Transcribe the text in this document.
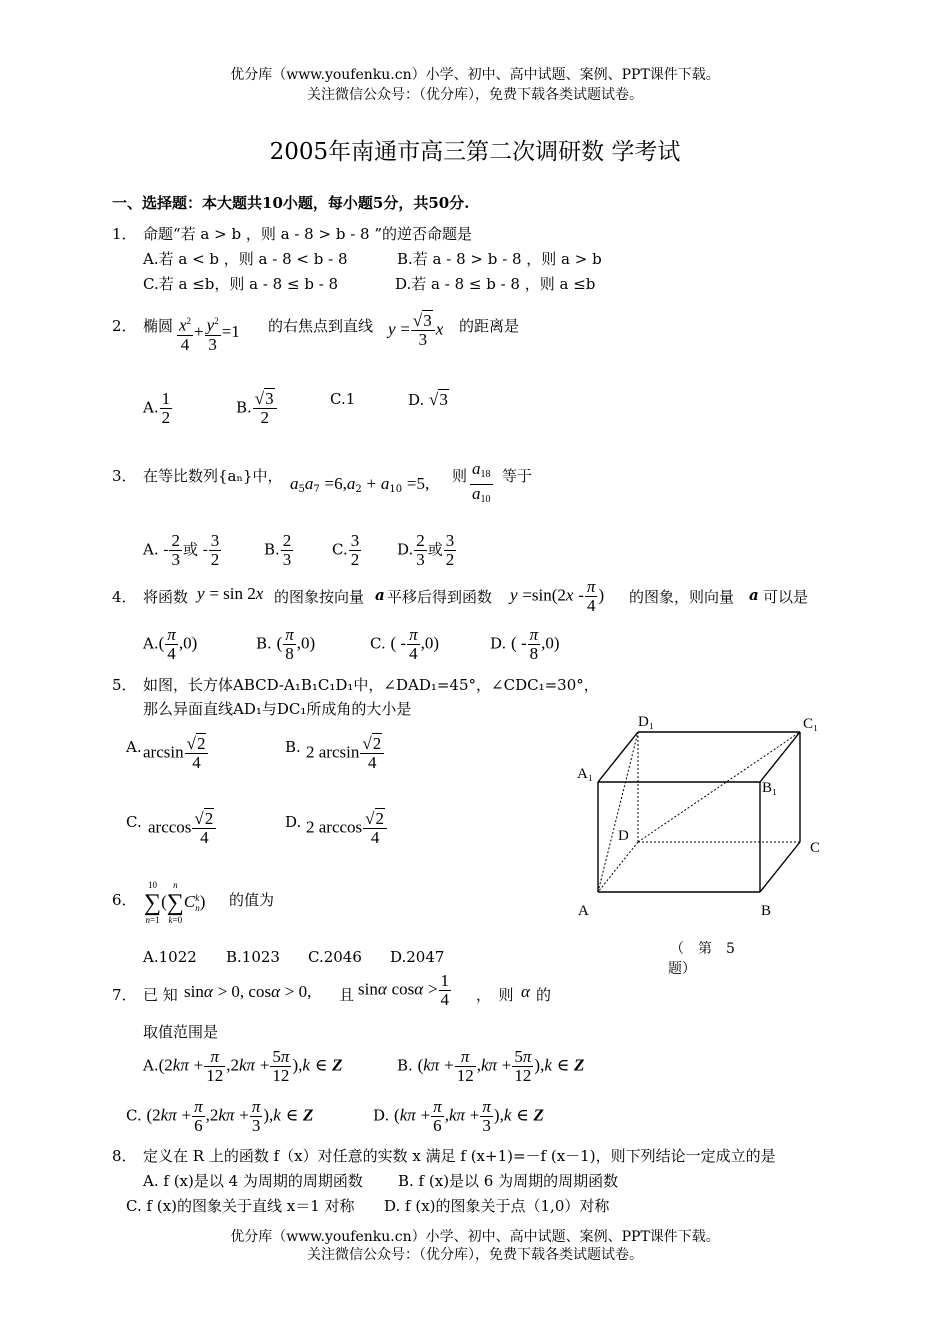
优分库（www.youfenku.cn）小学、初中、高中试题、案例、PPT课件下载。
关注微信公众号：（优分库），免费下载各类试题试卷。
2005年南通市高三第二次调研数 学考试
一、选择题：本大题共10小题，每小题5分，共50分.
1． 命题“若 a > b ，则 a - 8 > b - 8 ”的逆否命题是
A.若 a < b ，则 a - 8 < b - 8	B.若 a - 8 > b - 8 ，则 a > b
C.若 a ≤b，则 a - 8 ≤ b - 8	D.若 a - 8 ≤ b - 8 ，则 a ≤b
2． 椭圆 $\frac{x^2}{4} + \frac{y^2}{3} =1$ 的右焦点到直线 $y = \frac{√3}{3}$ x 的距离是
A. $\frac{1}{2}$	B. $\frac{√3}{2}$	C.1	D. √3
3． 在等比数列{aₙ}中， $a_5a_7 =6,a_2 + a_{10} =5$, 则 $\frac{a_{18}}{a_{10}}$ 等于
A. - $\frac{2}{3}$ 或 - $\frac{3}{2}$	B. $\frac{2}{3}$	C. $\frac{3}{2} D$. $\frac{2}{3}$ 或 $\frac{3}{2}$
4． 将函数 y = sin 2x 的图象按向量 a 平移后得到函数 $y =\sin(2x - \frac{\pi}{4}$ ) 的图象，则向量 a 可以是
$A.( \frac{\pi}{4} ,0)$	B. ( $\frac{\pi}{8} ,0$)	C. ( - $\frac{\pi}{4} ,0$)	D. ( - $\frac{\pi}{8} ,0$)
5． 如图，长方体ABCD-A₁B₁C₁D₁中，∠DAD₁=45°，∠CDC₁=30°，
那么异面直线AD₁与DC₁所成角的大小是
A. $\arcsin \frac{√2}{4}$	B. 2 $\arcsin \frac{√2}{4}$
C. $\arccos \frac{√2}{4}$	D. 2 $\arccos \frac{√2}{4}$
D₁	C₁
A₁
B₁
D
C
A	B
（　第　5
题）
6．
10
∑
n=1
(
n
∑
k=0
C k
n ) 的值为
A.1022 B.1023 C.2046 D.2047
7． 已 知 sinα > 0, cosα > 0, 且 sinα $\cos\alpha > \frac{1}{4}$ ，　则 α 的
取值范围是
$A.(2k\pi + \frac{\pi}{12} ,2k\pi + \frac{5\pi}{12} ),k$ ∈ Z	B. $(k\pi + \frac{\pi}{12} ,k\pi + \frac{5\pi}{12} ),k$ ∈ Z
C. $(2k\pi + \frac{\pi}{6} ,2k\pi + \frac{\pi}{3} ),k$ ∈ Z	D. $(k\pi + \frac{\pi}{6} ,k\pi + \frac{\pi}{3} ),k$ ∈ Z
8． 定义在 R 上的函数 f（x）对任意的实数 x 满足 f (x+1)=－f (x－1)，则下列结论一定成立的是
A. f (x)是以 4 为周期的周期函数 B. f (x)是以 6 为周期的周期函数
C. f (x)的图象关于直线 x＝1 对称 D. f (x)的图象关于点（1,0）对称
优分库（www.youfenku.cn）小学、初中、高中试题、案例、PPT课件下载。
关注微信公众号：（优分库），免费下载各类试题试卷。
